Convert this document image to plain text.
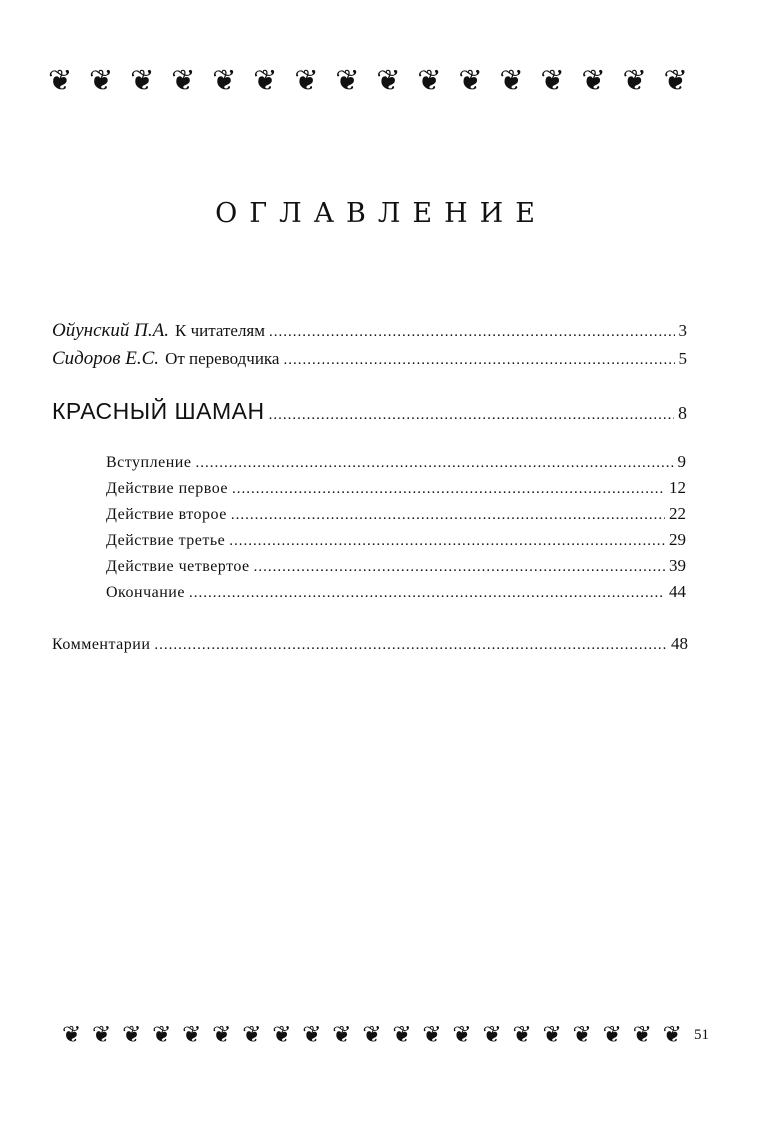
❦ ❦ ❦ ❦ ❦ ❦ ❦ ❦ ❦ ❦ ❦ ❦ ❦ ❦ ❦ ❦
ОГЛАВЛЕНИЕ
Ойунский П.А. К читателям .....	3
Сидоров Е.С. От переводчика .....	5
КРАСНЫЙ ШАМАН .....	8
Вступление .....	9
Действие первое .....	12
Действие второе .....	22
Действие третье .....	29
Действие четвертое .....	39
Окончание .....	44
Комментарии .....	48
❦ ❦ ❦ ❦ ❦ ❦ ❦ ❦ ❦ ❦ ❦ ❦ ❦ ❦ ❦ ❦ ❦ ❦ ❦ ❦ ❦ 51
